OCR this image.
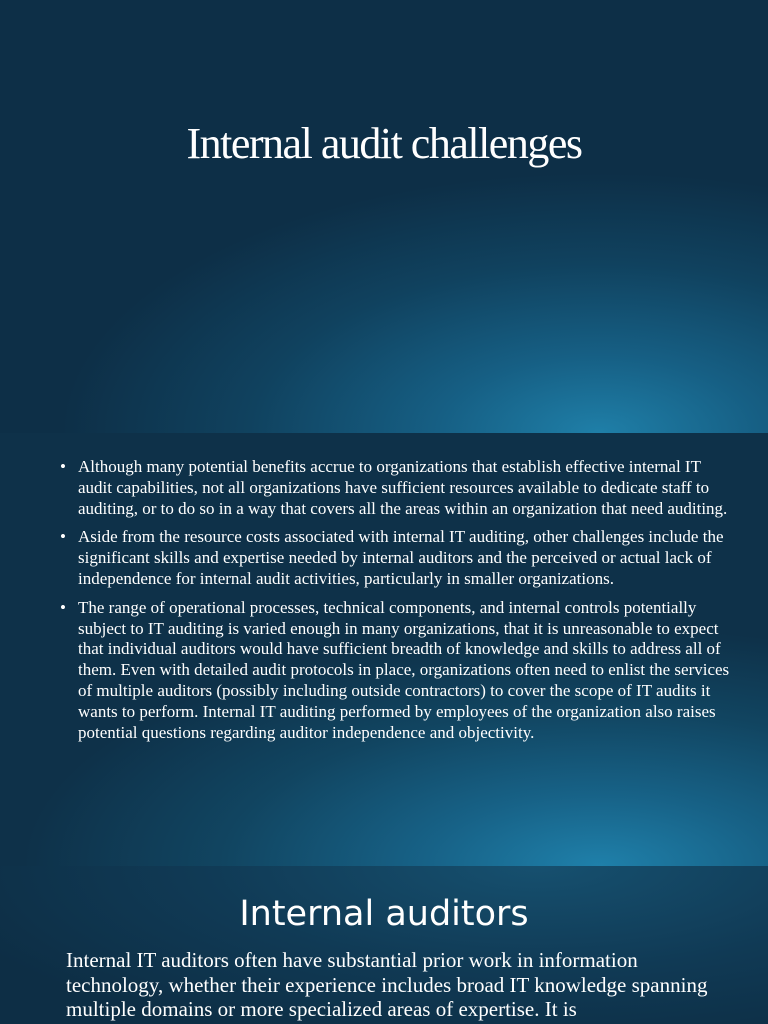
Internal audit challenges
• Although many potential benefits accrue to organizations that establish effective internal IT audit capabilities, not all organizations have sufficient resources available to dedicate staff to auditing, or to do so in a way that covers all the areas within an organization that need auditing.
• Aside from the resource costs associated with internal IT auditing, other challenges include the significant skills and expertise needed by internal auditors and the perceived or actual lack of independence for internal audit activities, particularly in smaller organizations.
• The range of operational processes, technical components, and internal controls potentially subject to IT auditing is varied enough in many organizations, that it is unreasonable to expect that individual auditors would have sufficient breadth of knowledge and skills to address all of them. Even with detailed audit protocols in place, organizations often need to enlist the services of multiple auditors (possibly including outside contractors) to cover the scope of IT audits it wants to perform. Internal IT auditing performed by employees of the organization also raises potential questions regarding auditor independence and objectivity.
Internal auditors

Internal IT auditors often have substantial prior work in information technology, whether their experience includes broad IT knowledge spanning multiple domains or more specialized areas of expertise. It is
